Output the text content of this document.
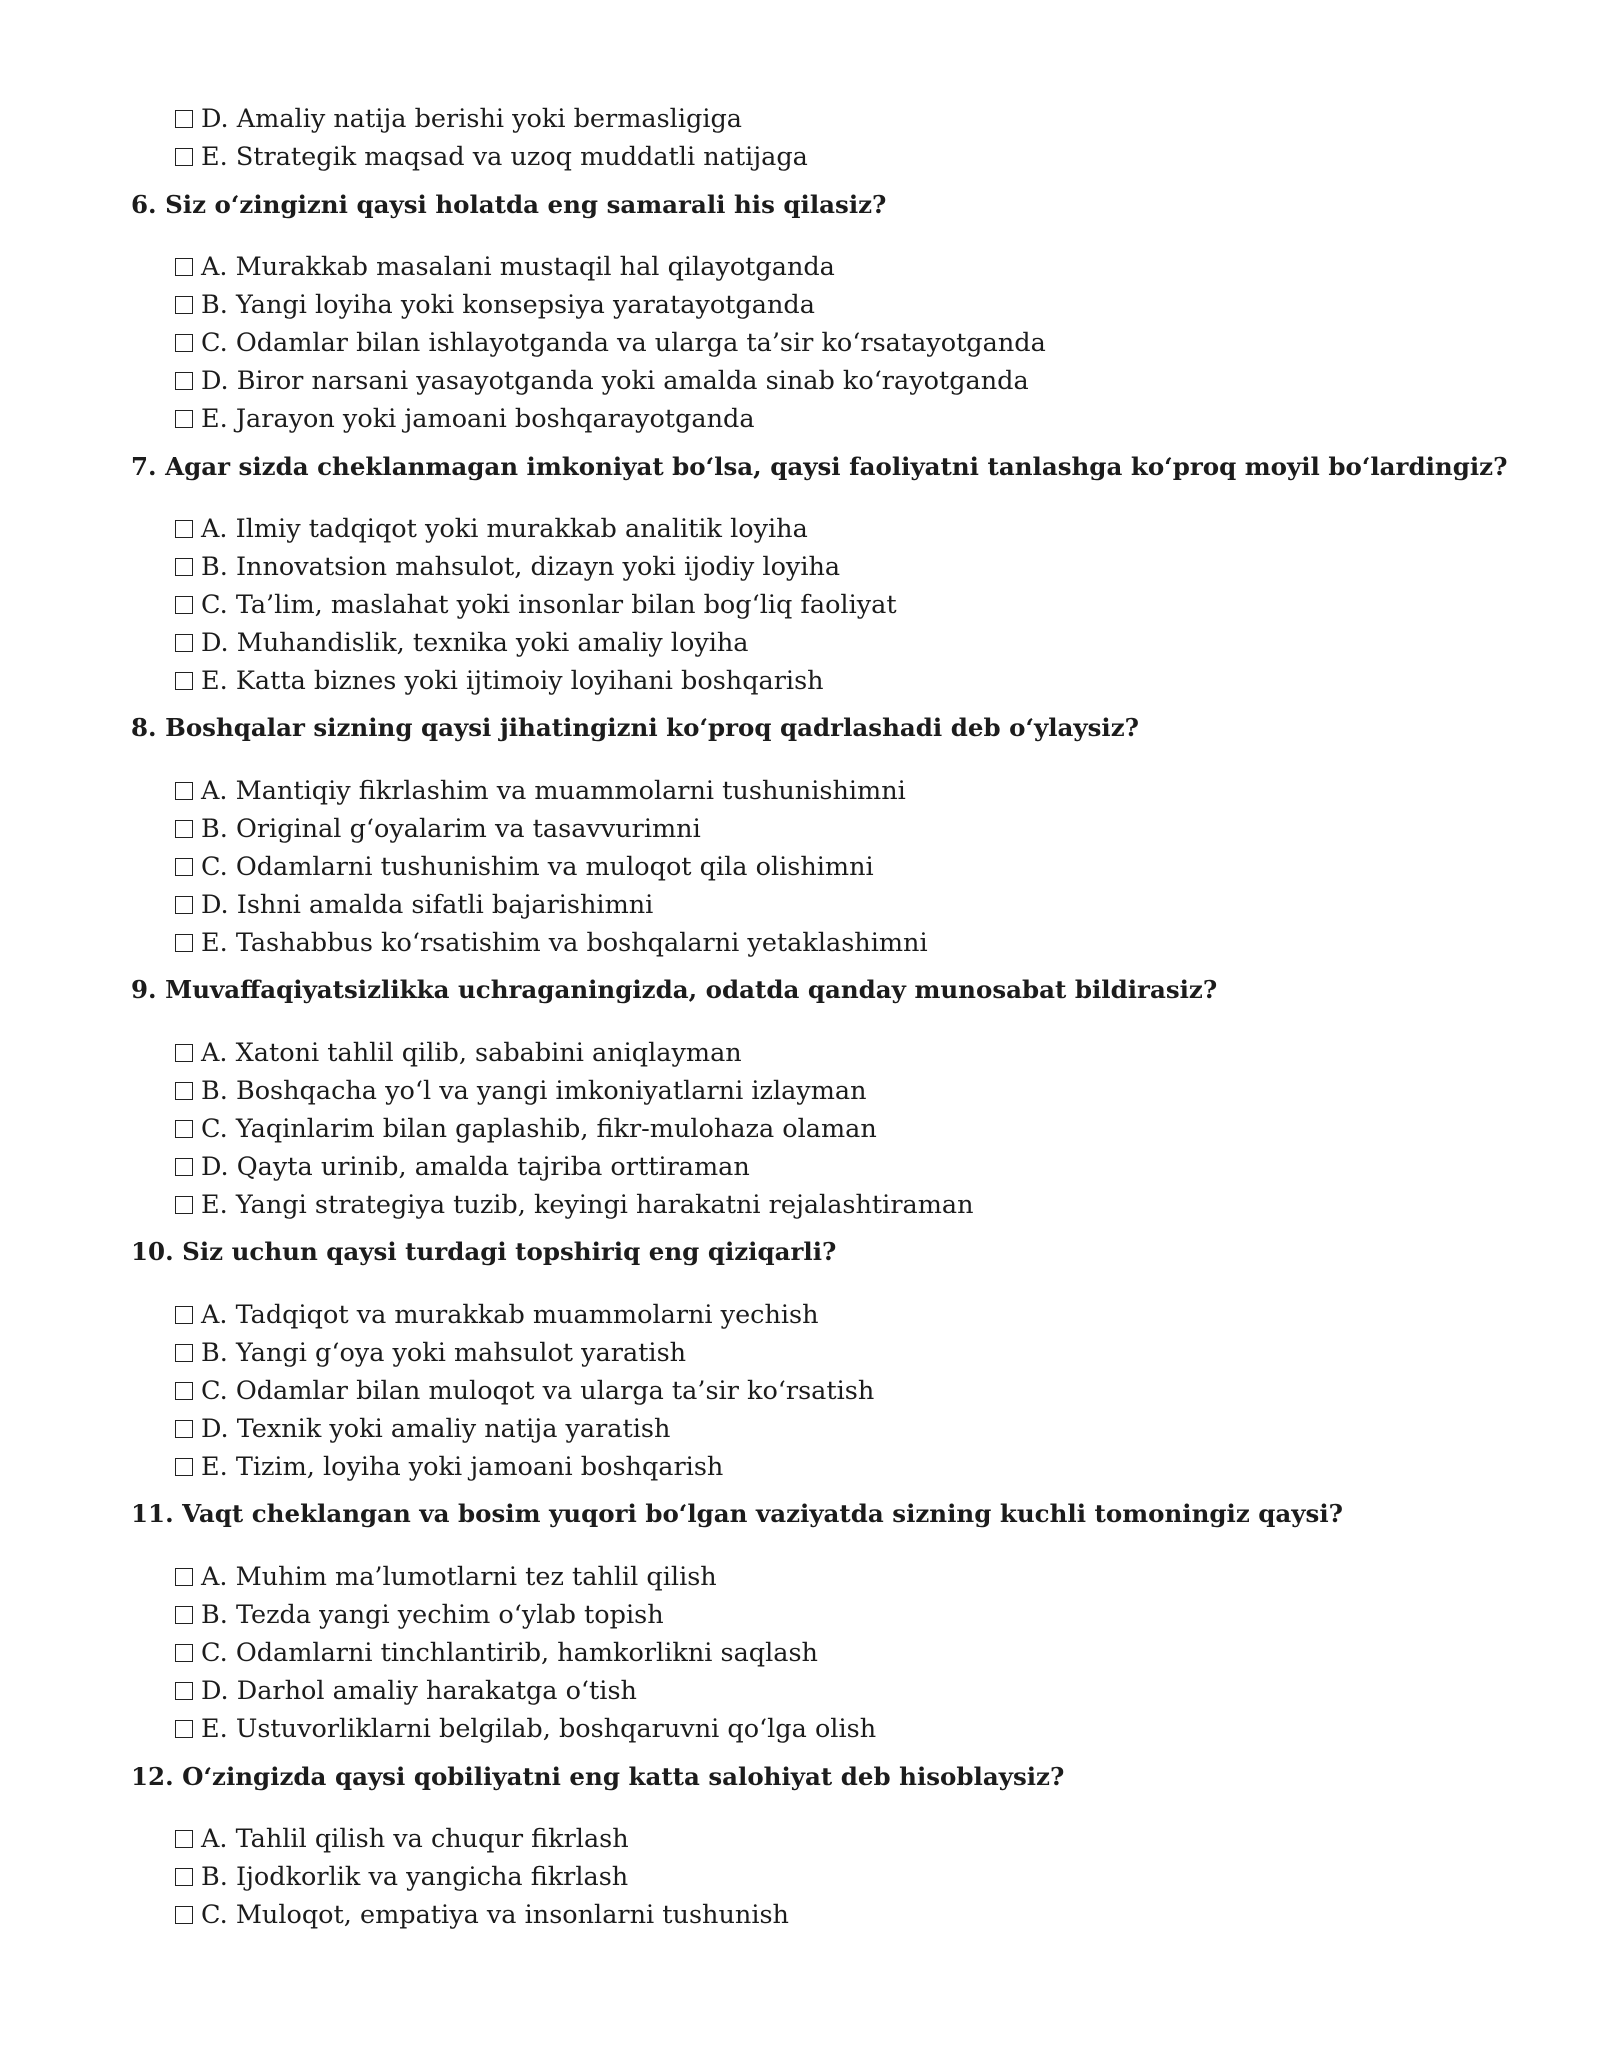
D. Amaliy natija berishi yoki bermasligiga
E. Strategik maqsad va uzoq muddatli natijaga
6. Siz o‘zingizni qaysi holatda eng samarali his qilasiz?
A. Murakkab masalani mustaqil hal qilayotganda
B. Yangi loyiha yoki konsepsiya yaratayotganda
C. Odamlar bilan ishlayotganda va ularga ta’sir ko‘rsatayotganda
D. Biror narsani yasayotganda yoki amalda sinab ko‘rayotganda
E. Jarayon yoki jamoani boshqarayotganda
7. Agar sizda cheklanmagan imkoniyat bo‘lsa, qaysi faoliyatni tanlashga ko‘proq moyil bo‘lardingiz?
A. Ilmiy tadqiqot yoki murakkab analitik loyiha
B. Innovatsion mahsulot, dizayn yoki ijodiy loyiha
C. Ta’lim, maslahat yoki insonlar bilan bog‘liq faoliyat
D. Muhandislik, texnika yoki amaliy loyiha
E. Katta biznes yoki ijtimoiy loyihani boshqarish
8. Boshqalar sizning qaysi jihatingizni ko‘proq qadrlashadi deb o‘ylaysiz?
A. Mantiqiy fikrlashim va muammolarni tushunishimni
B. Original g‘oyalarim va tasavvurimni
C. Odamlarni tushunishim va muloqot qila olishimni
D. Ishni amalda sifatli bajarishimni
E. Tashabbus ko‘rsatishim va boshqalarni yetaklashimni
9. Muvaffaqiyatsizlikka uchraganingizda, odatda qanday munosabat bildirasiz?
A. Xatoni tahlil qilib, sababini aniqlayman
B. Boshqacha yo‘l va yangi imkoniyatlarni izlayman
C. Yaqinlarim bilan gaplashib, fikr-mulohaza olaman
D. Qayta urinib, amalda tajriba orttiraman
E. Yangi strategiya tuzib, keyingi harakatni rejalashtiraman
10. Siz uchun qaysi turdagi topshiriq eng qiziqarli?
A. Tadqiqot va murakkab muammolarni yechish
B. Yangi g‘oya yoki mahsulot yaratish
C. Odamlar bilan muloqot va ularga ta’sir ko‘rsatish
D. Texnik yoki amaliy natija yaratish
E. Tizim, loyiha yoki jamoani boshqarish
11. Vaqt cheklangan va bosim yuqori bo‘lgan vaziyatda sizning kuchli tomoningiz qaysi?
A. Muhim ma’lumotlarni tez tahlil qilish
B. Tezda yangi yechim o‘ylab topish
C. Odamlarni tinchlantirib, hamkorlikni saqlash
D. Darhol amaliy harakatga o‘tish
E. Ustuvorliklarni belgilab, boshqaruvni qo‘lga olish
12. O‘zingizda qaysi qobiliyatni eng katta salohiyat deb hisoblaysiz?
A. Tahlil qilish va chuqur fikrlash
B. Ijodkorlik va yangicha fikrlash
C. Muloqot, empatiya va insonlarni tushunish
